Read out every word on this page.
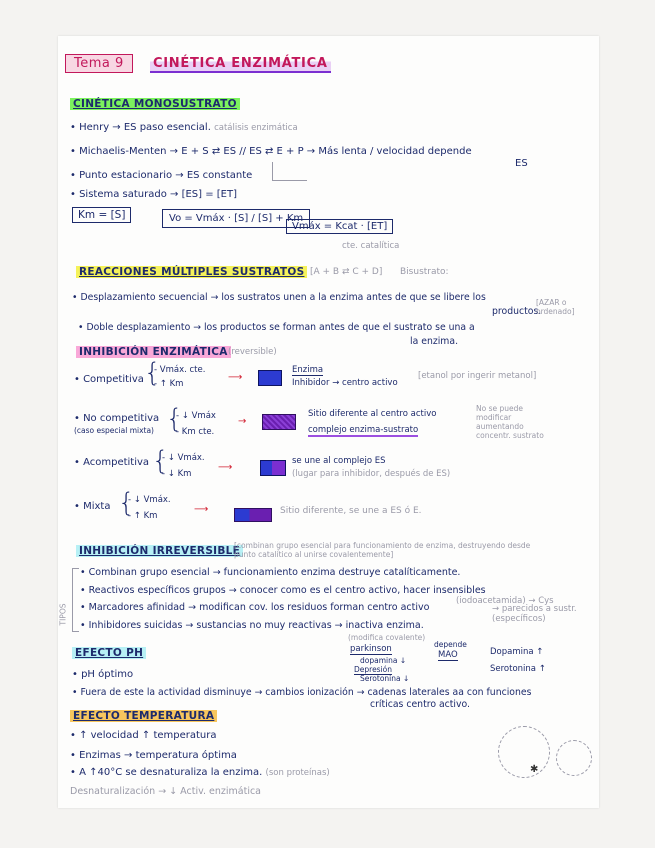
Tema 9	CINÉTICA ENZIMÁTICA
CINÉTICA MONOSUSTRATO
• Henry → ES paso esencial. catálisis enzimática
• Michaelis-Menten → E + S ⇄ ES // ES ⇄ E + P → Más lenta / velocidad depende
ES
• Punto estacionario → ES constante
• Sistema saturado → [ES] = [ET]
Km = [S]	Vo = Vmáx · [S] / [S] + Km
Vmáx = Kcat · [ET]
cte. catalítica
REACCIONES MÚLTIPLES SUSTRATOS [A + B ⇄ C + D] Bisustrato:
• Desplazamiento secuencial → los sustratos unen a la enzima antes de que se libere los
productos.
[AZAR o ordenado]
• Doble desplazamiento → los productos se forman antes de que el sustrato se una a
la enzima.
INHIBICIÓN ENZIMÁTICA (reversible)
• Competitiva {
- Vmáx. cte.
- ↑ Km
⟶
Enzima
Inhibidor → centro activo
[etanol por ingerir metanol]
• No competitiva
(caso especial mixta) {
- ↓ Vmáx
- Km cte.
→
Sitio diferente al centro activo
complejo enzima-sustrato
No se puede modificar aumentando concentr. sustrato
• Acompetitiva {
- ↓ Vmáx.
- ↓ Km
⟶
se une al complejo ES
(lugar para inhibidor, después de ES)
• Mixta {
- ↓ Vmáx.
- ↑ Km
⟶	Sitio diferente, se une a ES ó E.
INHIBICIÓN IRREVERSIBLE
[combinan grupo esencial para funcionamiento de enzima, destruyendo desde punto catalítico al unirse covalentemente]
TIPOS
• Combinan grupo esencial → funcionamiento enzima destruye catalíticamente.
• Reactivos específicos grupos → conocer como es el centro activo, hacer insensibles
(iodoacetamida) → Cys
• Marcadores afinidad → modifican cov. los residuos forman centro activo	→ parecidos a sustr. (específicos)
• Inhibidores suicidas → sustancias no muy reactivas → inactiva enzima.
(modifica covalente)
parkinson
dopamina ↓
Depresión
Serotonina ↓
depende
MAO	Dopamina ↑
Serotonina ↑
EFECTO PH
• pH óptimo
• Fuera de este la actividad disminuye → cambios ionización → cadenas laterales aa con funciones
críticas centro activo.
EFECTO TEMPERATURA
• ↑ velocidad ↑ temperatura
• Enzimas → temperatura óptima
• A ↑40°C se desnaturaliza la enzima. (son proteínas)
Desnaturalización → ↓ Activ. enzimática
✱
